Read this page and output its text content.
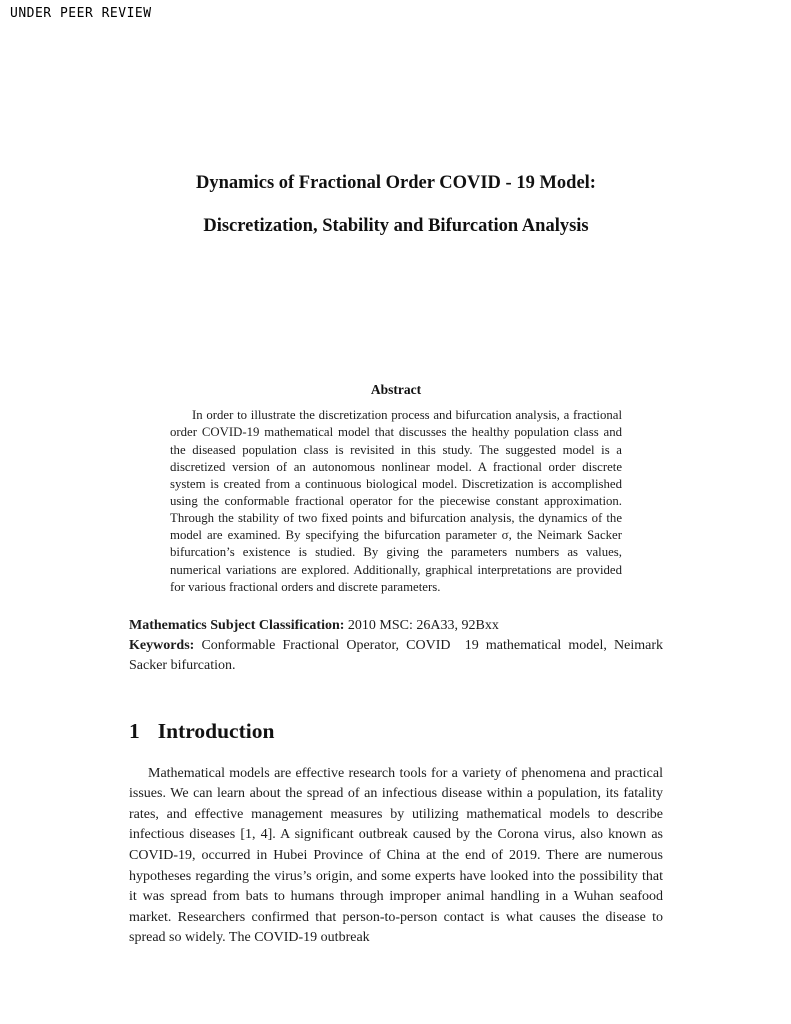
UNDER PEER REVIEW
Dynamics of Fractional Order COVID - 19 Model:
Discretization, Stability and Bifurcation Analysis
Abstract

In order to illustrate the discretization process and bifurcation analysis, a fractional order COVID-19 mathematical model that discusses the healthy population class and the diseased population class is revisited in this study. The suggested model is a discretized version of an autonomous nonlinear model. A fractional order discrete system is created from a continuous biological model. Discretization is accomplished using the conformable fractional operator for the piecewise constant approximation. Through the stability of two fixed points and bifurcation analysis, the dynamics of the model are examined. By specifying the bifurcation parameter σ, the Neimark Sacker bifurcation’s existence is studied. By giving the parameters numbers as values, numerical variations are explored. Additionally, graphical interpretations are provided for various fractional orders and discrete parameters.

Mathematics Subject Classification: 2010 MSC: 26A33, 92Bxx

Keywords: Conformable Fractional Operator, COVID  19 mathematical model, Neimark Sacker bifurcation.

1 Introduction

Mathematical models are effective research tools for a variety of phenomena and practical issues. We can learn about the spread of an infectious disease within a population, its fatality rates, and effective management measures by utilizing mathematical models to describe infectious diseases [1, 4]. A significant outbreak caused by the Corona virus, also known as COVID-19, occurred in Hubei Province of China at the end of 2019. There are numerous hypotheses regarding the virus’s origin, and some experts have looked into the possibility that it was spread from bats to humans through improper animal handling in a Wuhan seafood market. Researchers confirmed that person-to-person contact is what causes the disease to spread so widely. The COVID-19 outbreak
